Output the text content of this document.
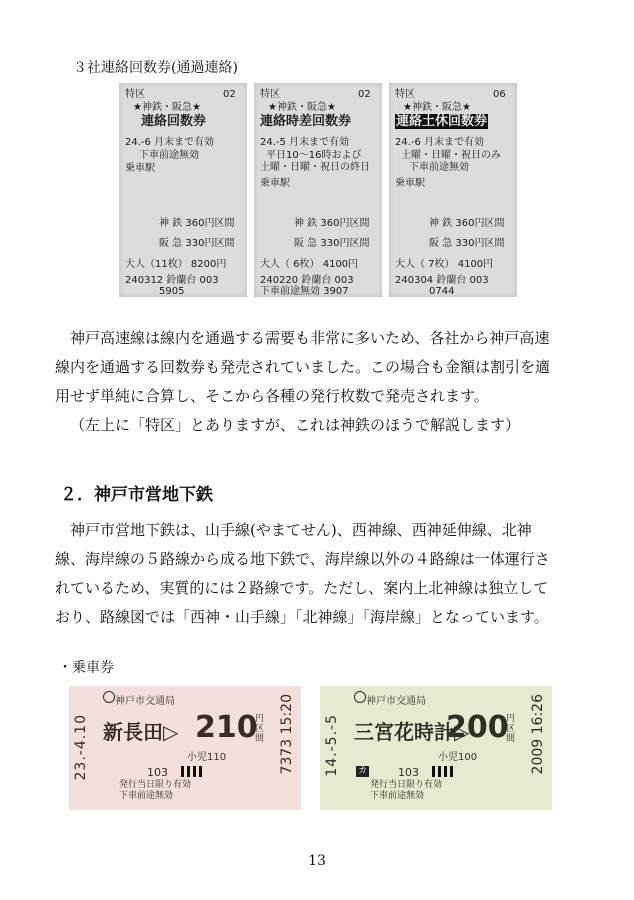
３社連絡回数券(通過連絡)
特区	02
★神鉄・阪急★
連絡回数券
24.-6 月末まで有効
下車前途無効
乗車駅
神 鉄 360円区間
阪 急 330円区間
大人（11枚） 8200円
240312 鈴蘭台 003
5905
特区	02
★神鉄・阪急★
連絡時差回数券
24.-5 月末まで有効
平日10～16時および
土曜・日曜・祝日の終日
乗車駅
神 鉄 360円区間
阪 急 330円区間
大人（ 6枚） 4100円
240220 鈴蘭台 003
下車前途無効 3907
特区	06
★神鉄・阪急★
連絡土休回数券
24.-6 月末まで有効
土曜・日曜・祝日のみ
下車前途無効
乗車駅
神 鉄 360円区間
阪 急 330円区間
大人（ 7枚） 4100円
240304 鈴蘭台 003
0744
神戸高速線は線内を通過する需要も非常に多いため、各社から神戸高速
線内を通過する回数券も発売されていました。この場合も金額は割引を適
用せず単純に合算し、そこから各種の発行枚数で発売されます。
（左上に「特区」とありますが、これは神鉄のほうで解説します）
２．神戸市営地下鉄
神戸市営地下鉄は、山手線(やまてせん)、西神線、西神延伸線、北神
線、海岸線の５路線から成る地下鉄で、海岸線以外の４路線は一体運行さ
れているため、実質的には２路線です。ただし、案内上北神線は独立して
おり、路線図では「西神・山手線」「北神線」「海岸線」となっています。
・乗車券
神戸市交通局
23.-4.10 新長田▷ 210
円区間
小児110
103
発行当日限り有効
下車前途無効
7373 15:20	神戸市交通局
14.-5.-5 三宮花時計▷
200
円区間
小児100
カ	103
発行当日限り有効
下車前途無効
2009 16:26
13
